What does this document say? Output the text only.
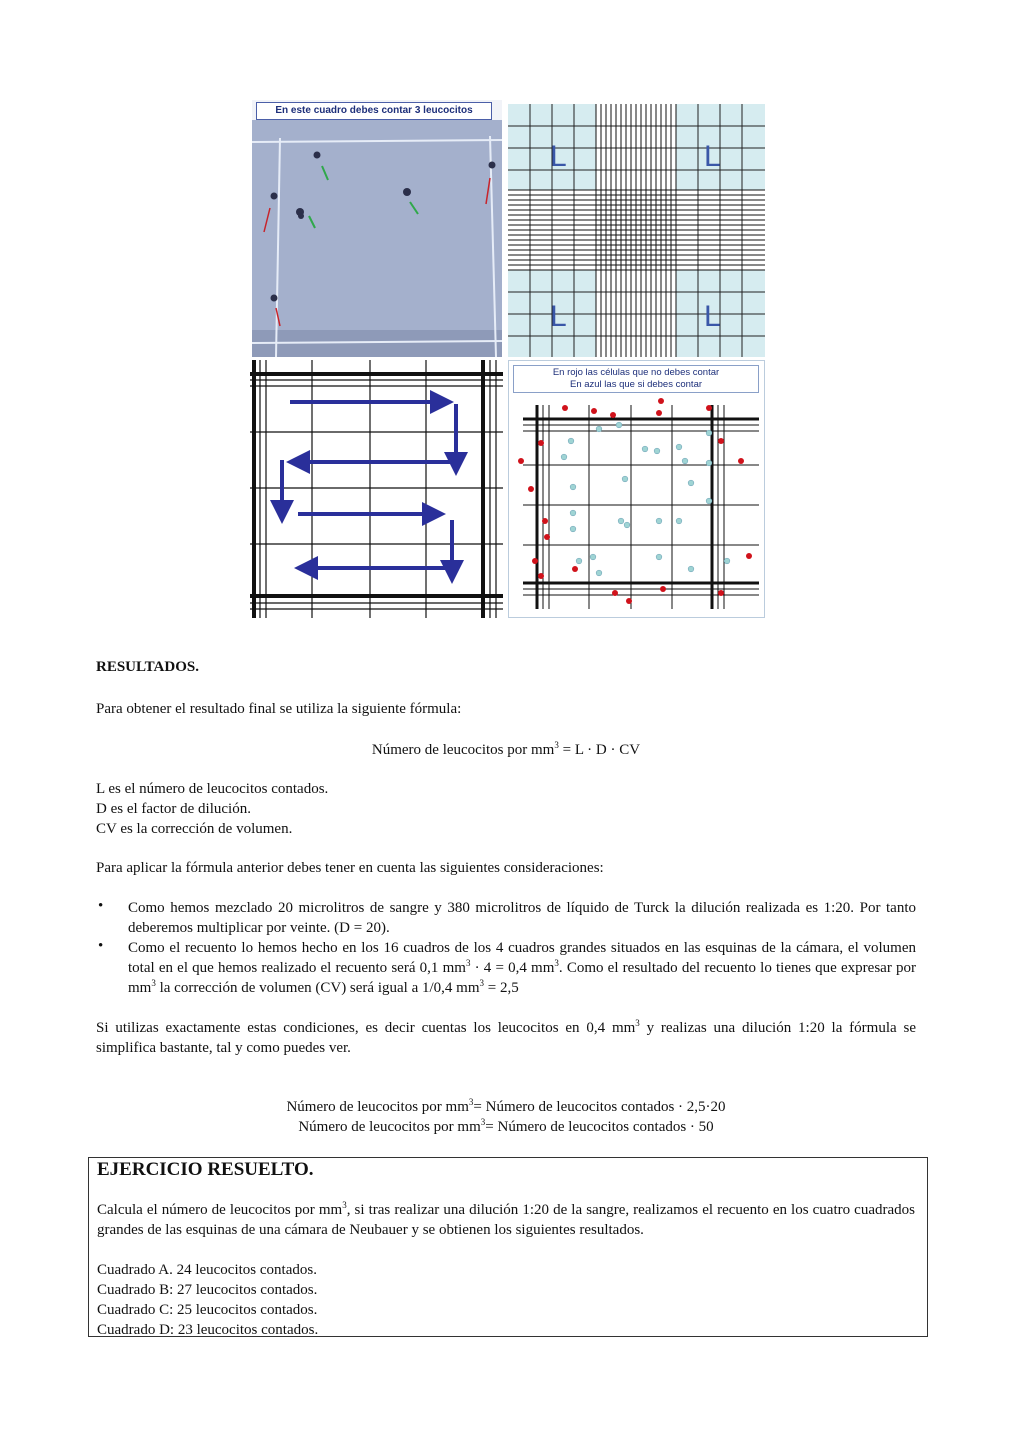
En este cuadro debes contar 3 leucocitos
L	L
L	L
En rojo las células que no debes contar
En azul las que si debes contar

RESULTADOS.

Para obtener el resultado final se utiliza la siguiente fórmula:

Número de leucocitos por $mm^3 = L \cdot D$ · CV

L es el número de leucocitos contados.

D es el factor de dilución.

CV es la corrección de volumen.

Para aplicar la fórmula anterior debes tener en cuenta las siguientes consideraciones:

• Como hemos mezclado 20 microlitros de sangre y 380 microlitros de líquido de Turck la dilución realizada es 1:20. Por tanto deberemos multiplicar por veinte. (D = 20).
• Como el recuento lo hemos hecho en los 16 cuadros de los 4 cuadros grandes situados en las esquinas de la cámara, el volumen total en el que hemos realizado el recuento será 0,1 $mm^3 \cdot 4 = 0,4$ $mm^3$. Como el resultado del recuento lo tienes que expresar por $mm^3$ la corrección de volumen (CV) será igual a 1/0,4 $mm^3 = 2,5$

Si utilizas exactamente estas condiciones, es decir cuentas los leucocitos en 0,4 $mm^3$ y realizas una dilución 1:20 la fórmula se simplifica bastante, tal y como puedes ver.

Número de leucocitos por $mm^3=$ Número de leucocitos contados · 2,5·20

Número de leucocitos por $mm^3=$ Número de leucocitos contados · 50

EJERCICIO RESUELTO.

Calcula el número de leucocitos por $mm^3$, si tras realizar una dilución 1:20 de la sangre, realizamos el recuento en los cuatro cuadrados grandes de las esquinas de una cámara de Neubauer y se obtienen los siguientes resultados.

Cuadrado A. 24 leucocitos contados.
Cuadrado B: 27 leucocitos contados.
Cuadrado C: 25 leucocitos contados.
Cuadrado D: 23 leucocitos contados.
